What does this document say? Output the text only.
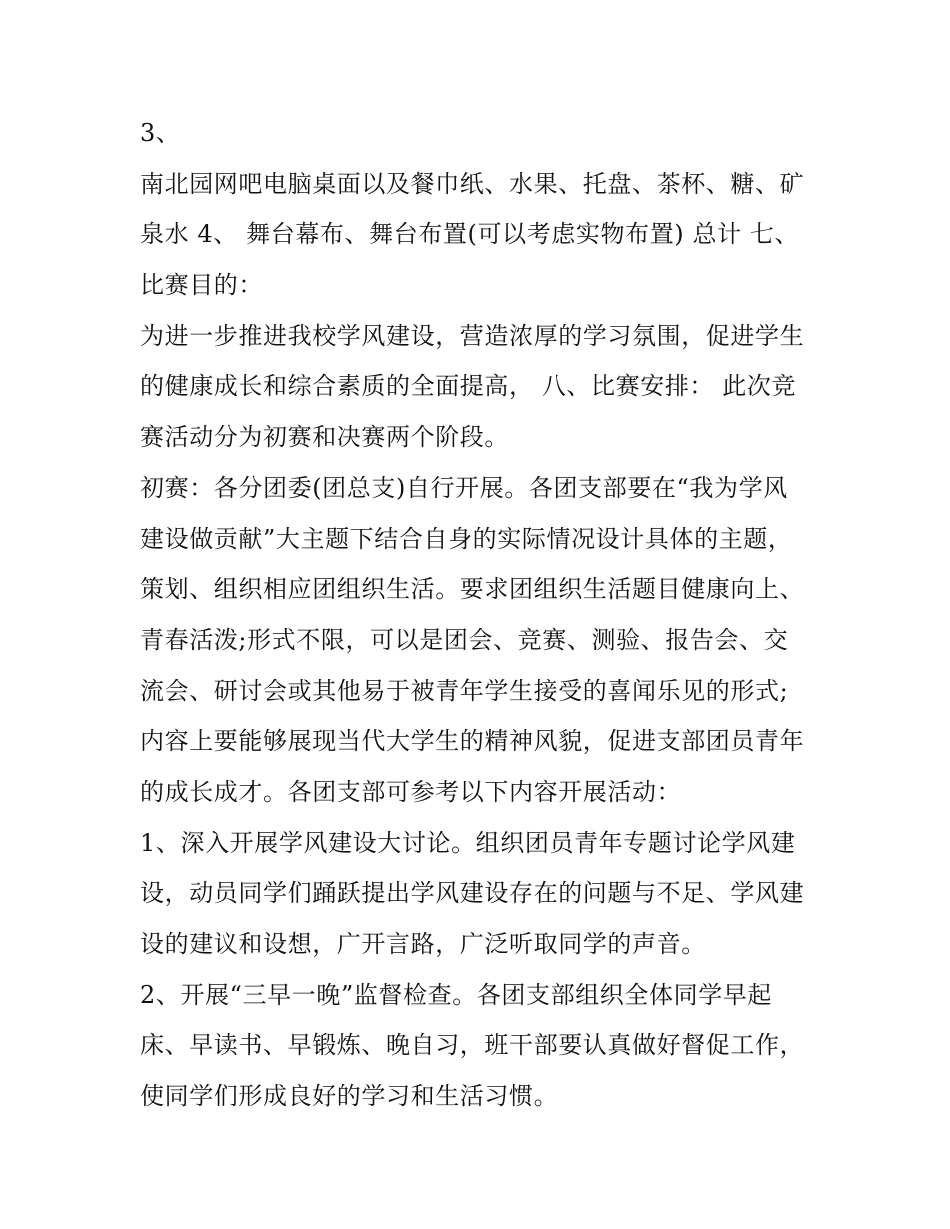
3、
南北园网吧电脑桌面以及餐巾纸、水果、托盘、茶杯、糖、矿
泉水 4、 舞台幕布、舞台布置(可以考虑实物布置) 总计 七、
比赛目的：
为进一步推进我校学风建设，营造浓厚的学习氛围，促进学生
的健康成长和综合素质的全面提高， 八、比赛安排： 此次竞
赛活动分为初赛和决赛两个阶段。
初赛：各分团委(团总支)自行开展。各团支部要在“我为学风
建设做贡献”大主题下结合自身的实际情况设计具体的主题，
策划、组织相应团组织生活。要求团组织生活题目健康向上、
青春活泼;形式不限，可以是团会、竞赛、测验、报告会、交
流会、研讨会或其他易于被青年学生接受的喜闻乐见的形式;
内容上要能够展现当代大学生的精神风貌，促进支部团员青年
的成长成才。各团支部可参考以下内容开展活动：
1、深入开展学风建设大讨论。组织团员青年专题讨论学风建
设，动员同学们踊跃提出学风建设存在的问题与不足、学风建
设的建议和设想，广开言路，广泛听取同学的声音。
2、开展“三早一晚”监督检查。各团支部组织全体同学早起
床、早读书、早锻炼、晚自习，班干部要认真做好督促工作，
使同学们形成良好的学习和生活习惯。
